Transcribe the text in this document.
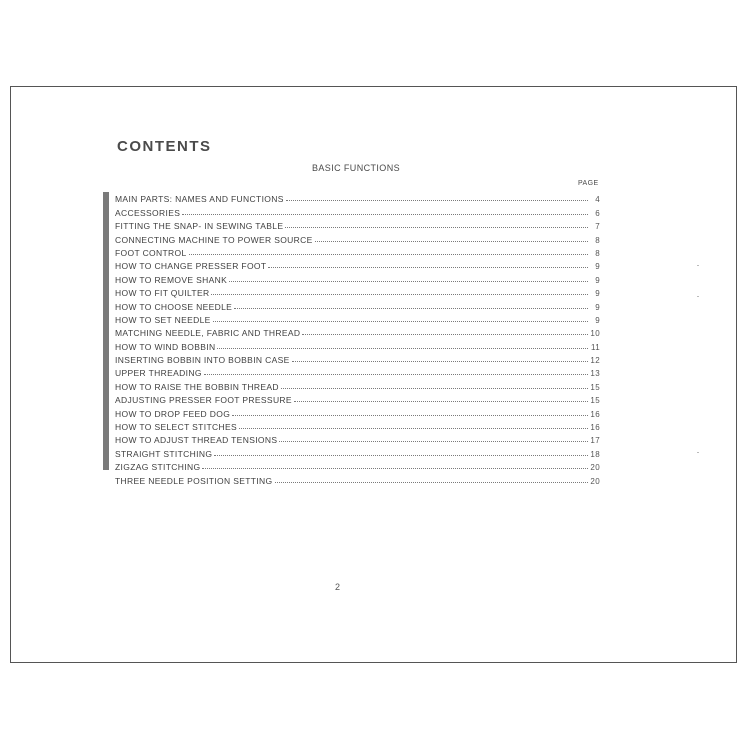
CONTENTS
BASIC FUNCTIONS
PAGE
MAIN PARTS: NAMES AND FUNCTIONS	4
ACCESSORIES	6
FITTING THE SNAP- IN SEWING TABLE	7
CONNECTING MACHINE TO POWER SOURCE	8
FOOT CONTROL	8
HOW TO CHANGE PRESSER FOOT	9
HOW TO REMOVE SHANK	9
HOW TO FIT QUILTER	9
HOW TO CHOOSE NEEDLE	9
HOW TO SET NEEDLE	9
MATCHING NEEDLE, FABRIC AND THREAD	10
HOW TO WIND BOBBIN	11
INSERTING BOBBIN INTO BOBBIN CASE	12
UPPER THREADING	13
HOW TO RAISE THE BOBBIN THREAD	15
ADJUSTING PRESSER FOOT PRESSURE	15
HOW TO DROP FEED DOG	16
HOW TO SELECT STITCHES	16
HOW TO ADJUST THREAD TENSIONS	17
STRAIGHT STITCHING	18
ZIGZAG STITCHING	20
THREE NEEDLE POSITION SETTING	20
2
